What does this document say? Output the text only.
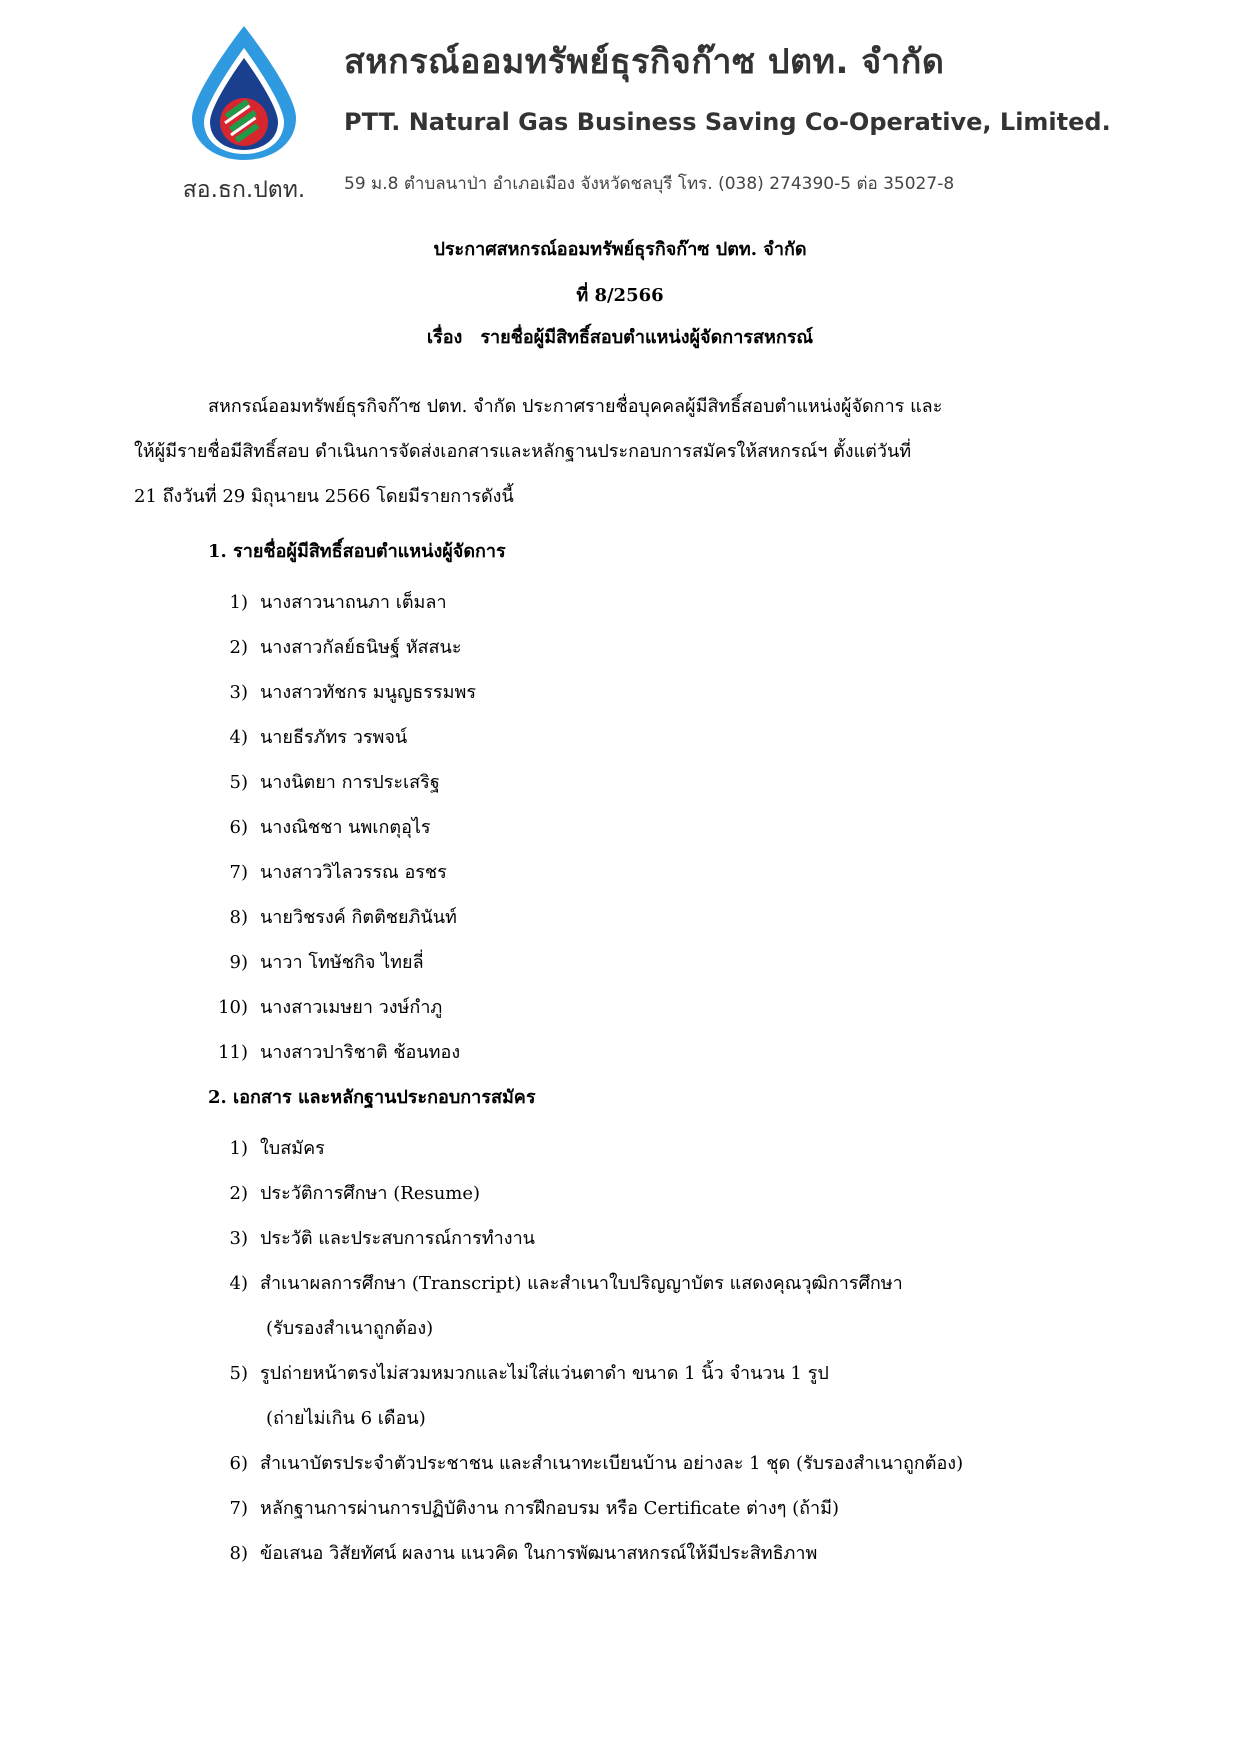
สอ.ธก.ปตท.
สหกรณ์ออมทรัพย์ธุรกิจก๊าซ ปตท. จำกัด
PTT. Natural Gas Business Saving Co-Operative, Limited.
59 ม.8 ตำบลนาป่า อำเภอเมือง จังหวัดชลบุรี โทร. (038) 274390-5 ต่อ 35027-8
ประกาศสหกรณ์ออมทรัพย์ธุรกิจก๊าซ ปตท. จำกัด
ที่ 8/2566
เรื่อง รายชื่อผู้มีสิทธิ์สอบตำแหน่งผู้จัดการสหกรณ์
สหกรณ์ออมทรัพย์ธุรกิจก๊าซ ปตท. จำกัด ประกาศรายชื่อบุคคลผู้มีสิทธิ์สอบตำแหน่งผู้จัดการ และ
ให้ผู้มีรายชื่อมีสิทธิ์สอบ ดำเนินการจัดส่งเอกสารและหลักฐานประกอบการสมัครให้สหกรณ์ฯ ตั้งแต่วันที่
21 ถึงวันที่ 29 มิถุนายน 2566 โดยมีรายการดังนี้
1. รายชื่อผู้มีสิทธิ์สอบตำแหน่งผู้จัดการ
1) นางสาวนาถนภา เต็มลา
2) นางสาวกัลย์ธนิษฐ์ หัสสนะ
3) นางสาวทัชกร มนูญธรรมพร
4) นายธีรภัทร วรพจน์
5) นางนิตยา การประเสริฐ
6) นางณิชชา นพเกตุอุไร
7) นางสาววิไลวรรณ อรชร
8) นายวิชรงค์ กิตติชยภินันท์
9) นาวา โทษัชกิจ ไทยลี่
10) นางสาวเมษยา วงษ์กำภู
11) นางสาวปาริชาติ ช้อนทอง
2. เอกสาร และหลักฐานประกอบการสมัคร
1) ใบสมัคร
2) ประวัติการศึกษา (Resume)
3) ประวัติ และประสบการณ์การทำงาน
4) สำเนาผลการศึกษา (Transcript) และสำเนาใบปริญญาบัตร แสดงคุณวุฒิการศึกษา
(รับรองสำเนาถูกต้อง)
5) รูปถ่ายหน้าตรงไม่สวมหมวกและไม่ใส่แว่นตาดำ ขนาด 1 นิ้ว จำนวน 1 รูป
(ถ่ายไม่เกิน 6 เดือน)
6) สำเนาบัตรประจำตัวประชาชน และสำเนาทะเบียนบ้าน อย่างละ 1 ชุด (รับรองสำเนาถูกต้อง)
7) หลักฐานการผ่านการปฏิบัติงาน การฝึกอบรม หรือ Certificate ต่างๆ (ถ้ามี)
8) ข้อเสนอ วิสัยทัศน์ ผลงาน แนวคิด ในการพัฒนาสหกรณ์ให้มีประสิทธิภาพ
